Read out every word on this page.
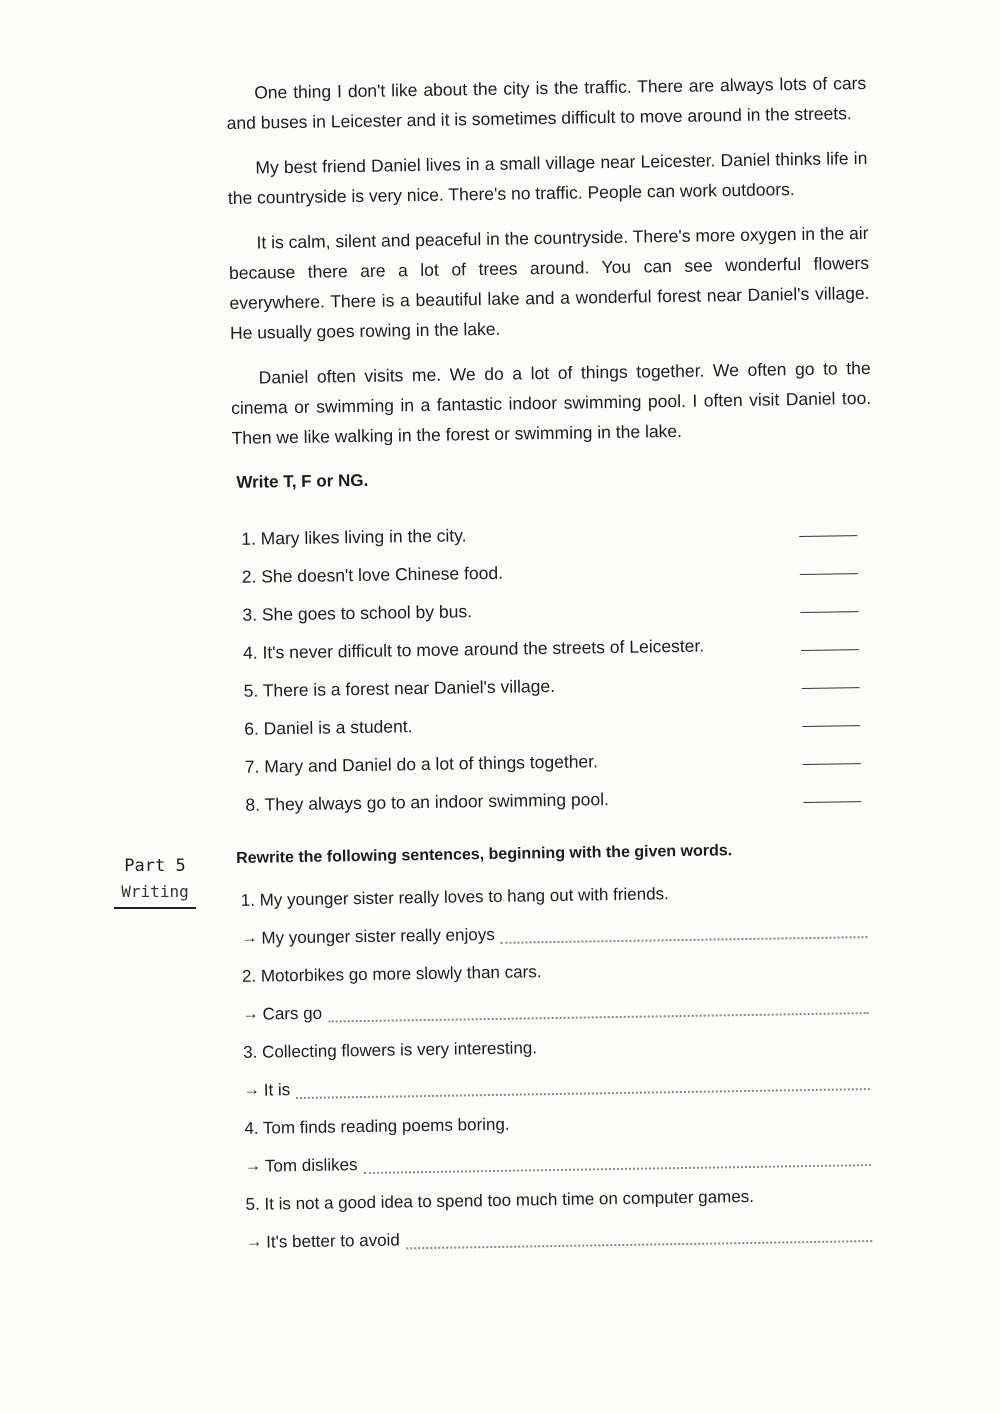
One thing I don't like about the city is the traffic. There are always lots of cars and buses in Leicester and it is sometimes difficult to move around in the streets.

My best friend Daniel lives in a small village near Leicester. Daniel thinks life in the countryside is very nice. There's no traffic. People can work outdoors.

It is calm, silent and peaceful in the countryside. There's more oxygen in the air because there are a lot of trees around. You can see wonderful flowers everywhere. There is a beautiful lake and a wonderful forest near Daniel's village. He usually goes rowing in the lake.

Daniel often visits me. We do a lot of things together. We often go to the cinema or swimming in a fantastic indoor swimming pool. I often visit Daniel too. Then we like walking in the forest or swimming in the lake.

Write T, F or NG.
1. Mary likes living in the city.
2. She doesn't love Chinese food.
3. She goes to school by bus.
4. It's never difficult to move around the streets of Leicester.
5. There is a forest near Daniel's village.
6. Daniel is a student.
7. Mary and Daniel do a lot of things together.
8. They always go to an indoor swimming pool.
Part 5
Writing
Rewrite the following sentences, beginning with the given words.
1. My younger sister really loves to hang out with friends.
→ My younger sister really enjoys
2. Motorbikes go more slowly than cars.
→ Cars go
3. Collecting flowers is very interesting.
→ It is
4. Tom finds reading poems boring.
→ Tom dislikes
5. It is not a good idea to spend too much time on computer games.
→ It's better to avoid
